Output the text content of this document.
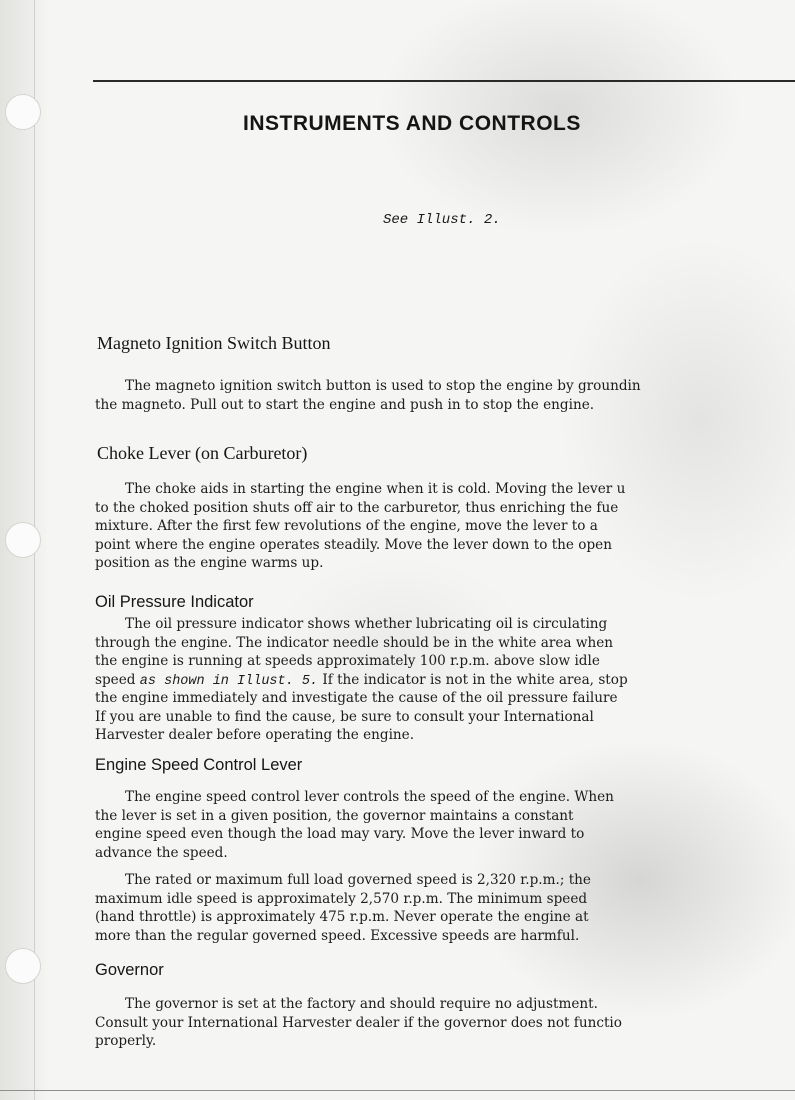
INSTRUMENTS AND CONTROLS
See Illust. 2.
Magneto Ignition Switch Button
The magneto ignition switch button is used to stop the engine by groundin
the magneto. Pull out to start the engine and push in to stop the engine.
Choke Lever (on Carburetor)
The choke aids in starting the engine when it is cold. Moving the lever u
to the choked position shuts off air to the carburetor, thus enriching the fue
mixture. After the first few revolutions of the engine, move the lever to a
point where the engine operates steadily. Move the lever down to the open
position as the engine warms up.
Oil Pressure Indicator
The oil pressure indicator shows whether lubricating oil is circulating
through the engine. The indicator needle should be in the white area when
the engine is running at speeds approximately 100 r.p.m. above slow idle
speed as shown in Illust. 5. If the indicator is not in the white area, stop
the engine immediately and investigate the cause of the oil pressure failure
If you are unable to find the cause, be sure to consult your International
Harvester dealer before operating the engine.
Engine Speed Control Lever
The engine speed control lever controls the speed of the engine. When
the lever is set in a given position, the governor maintains a constant
engine speed even though the load may vary. Move the lever inward to
advance the speed.
The rated or maximum full load governed speed is 2,320 r.p.m.; the
maximum idle speed is approximately 2,570 r.p.m. The minimum speed
(hand throttle) is approximately 475 r.p.m. Never operate the engine at
more than the regular governed speed. Excessive speeds are harmful.
Governor
The governor is set at the factory and should require no adjustment.
Consult your International Harvester dealer if the governor does not functio
properly.
